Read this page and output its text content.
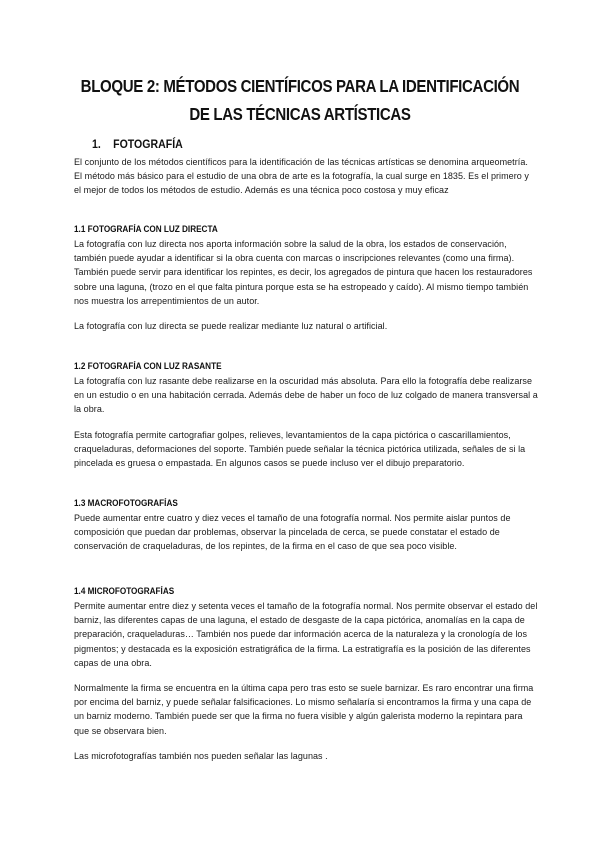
BLOQUE 2: MÉTODOS CIENTÍFICOS PARA LA IDENTIFICACIÓN
DE LAS TÉCNICAS ARTÍSTICAS
1. FOTOGRAFÍA

El conjunto de los métodos científicos para la identificación de las técnicas artísticas se denomina arqueometría. El método más básico para el estudio de una obra de arte es la fotografía, la cual surge en 1835. Es el primero y el mejor de todos los métodos de estudio. Además es una técnica poco costosa y muy eficaz

1.1 FOTOGRAFÍA CON LUZ DIRECTA

La fotografía con luz directa nos aporta información sobre la salud de la obra, los estados de conservación, también puede ayudar a identificar si la obra cuenta con marcas o inscripciones relevantes (como una firma). También puede servir para identificar los repintes, es decir, los agregados de pintura que hacen los restauradores sobre una laguna, (trozo en el que falta pintura porque esta se ha estropeado y caído). Al mismo tiempo también nos muestra los arrepentimientos de un autor.

La fotografía con luz directa se puede realizar mediante luz natural o artificial.

1.2 FOTOGRAFÍA CON LUZ RASANTE

La fotografía con luz rasante debe realizarse en la oscuridad más absoluta. Para ello la fotografía debe realizarse en un estudio o en una habitación cerrada. Además debe de haber un foco de luz colgado de manera transversal a la obra.

Esta fotografía permite cartografiar golpes, relieves, levantamientos de la capa pictórica o cascarillamientos, craqueladuras, deformaciones del soporte. También puede señalar la técnica pictórica utilizada, señales de si la pincelada es gruesa o empastada. En algunos casos se puede incluso ver el dibujo preparatorio.

1.3 MACROFOTOGRAFÍAS

Puede aumentar entre cuatro y diez veces el tamaño de una fotografía normal. Nos permite aislar puntos de composición que puedan dar problemas, observar la pincelada de cerca, se puede constatar el estado de conservación de craqueladuras, de los repintes, de la firma en el caso de que sea poco visible.

1.4 MICROFOTOGRAFÍAS

Permite aumentar entre diez y setenta veces el tamaño de la fotografía normal. Nos permite observar el estado del barniz, las diferentes capas de una laguna, el estado de desgaste de la capa pictórica, anomalías en la capa de preparación, craqueladuras… También nos puede dar información acerca de la naturaleza y la cronología de los pigmentos; y destacada es la exposición estratigráfica de la firma. La estratigrafía es la posición de las diferentes capas de una obra.

Normalmente la firma se encuentra en la última capa pero tras esto se suele barnizar. Es raro encontrar una firma por encima del barniz, y puede señalar falsificaciones. Lo mismo señalaría si encontramos la firma y una capa de un barniz moderno. También puede ser que la firma no fuera visible y algún galerista moderno la repintara para que se observara bien.

Las microfotografías también nos pueden señalar las lagunas .
